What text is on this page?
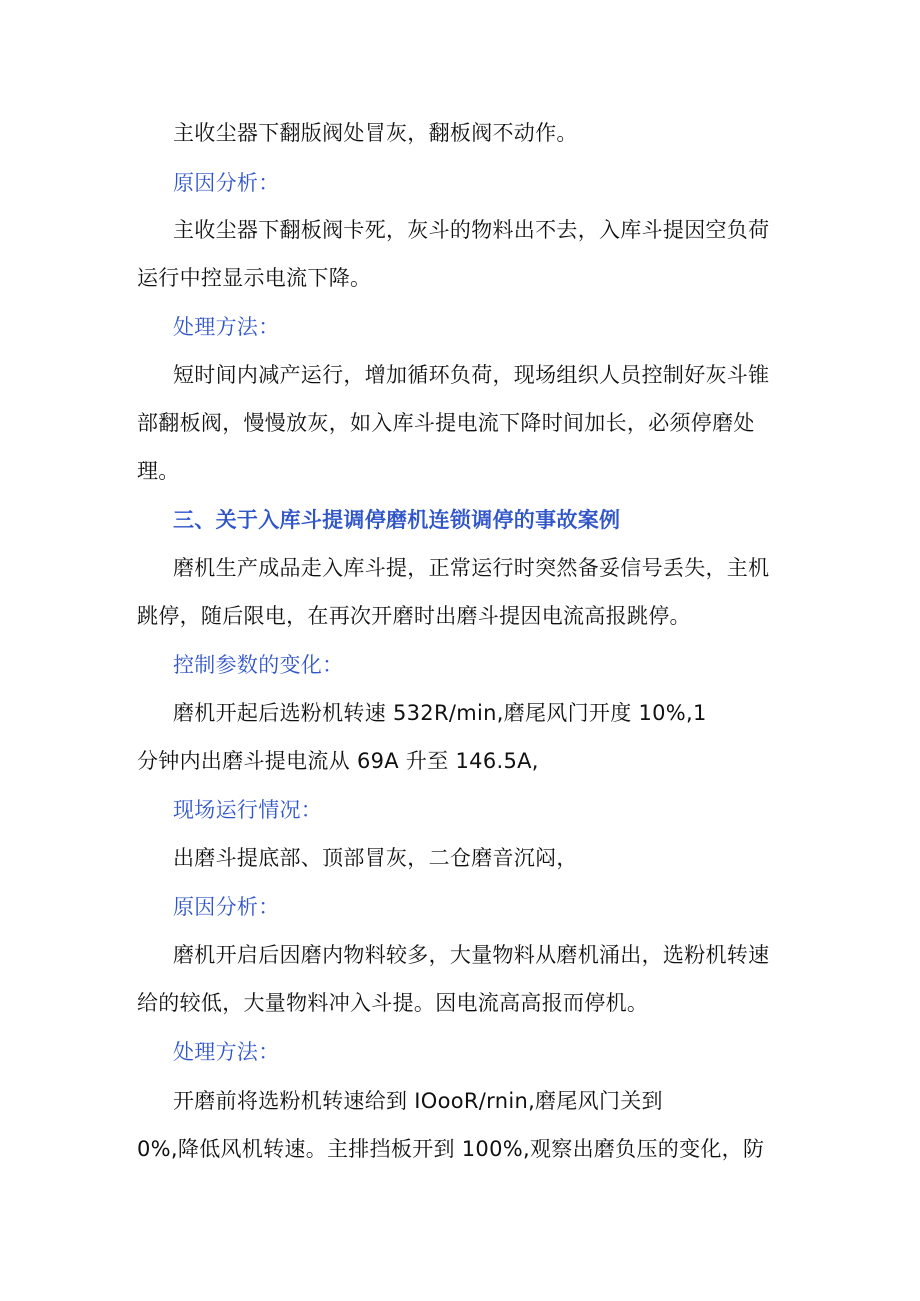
主收尘器下翻版阀处冒灰，翻板阀不动作。
原因分析：
主收尘器下翻板阀卡死，灰斗的物料出不去，入库斗提因空负荷
运行中控显示电流下降。
处理方法：
短时间内减产运行，增加循环负荷，现场组织人员控制好灰斗锥
部翻板阀，慢慢放灰，如入库斗提电流下降时间加长，必须停磨处
理。
三、关于入库斗提调停磨机连锁调停的事故案例
磨机生产成品走入库斗提，正常运行时突然备妥信号丢失，主机
跳停，随后限电，在再次开磨时出磨斗提因电流高报跳停。
控制参数的变化：
磨机开起后选粉机转速 532R/min,磨尾风门开度 10%,1
分钟内出磨斗提电流从 69A 升至 146.5A,
现场运行情况：
出磨斗提底部、顶部冒灰，二仓磨音沉闷，
原因分析：
磨机开启后因磨内物料较多，大量物料从磨机涌出，选粉机转速
给的较低，大量物料冲入斗提。因电流高高报而停机。
处理方法：
开磨前将选粉机转速给到 IOooR/rnin,磨尾风门关到
0%,降低风机转速。主排挡板开到 100%,观察出磨负压的变化，防
